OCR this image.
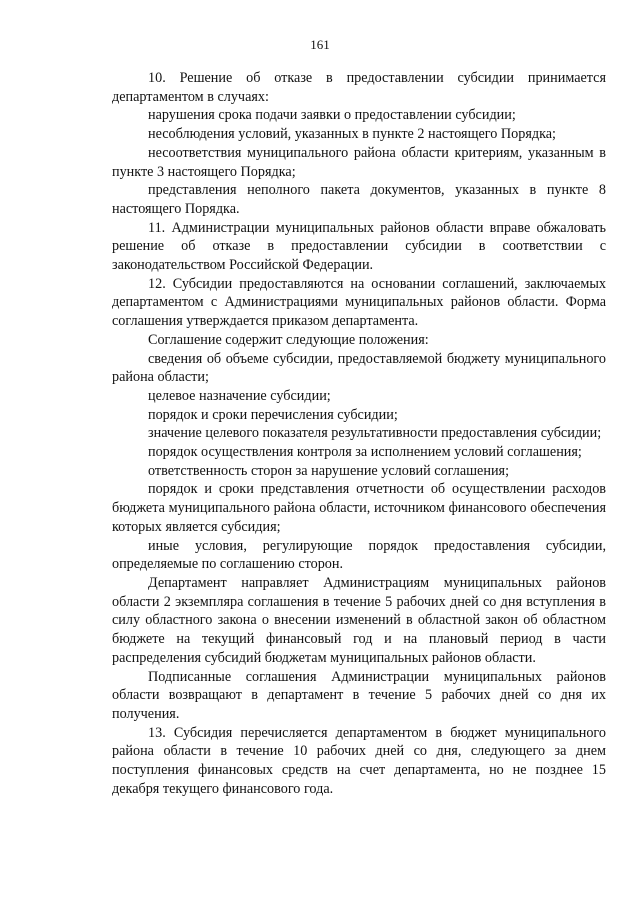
161

10. Решение об отказе в предоставлении субсидии принимается департаментом в случаях:

нарушения срока подачи заявки о предоставлении субсидии;

несоблюдения условий, указанных в пункте 2 настоящего Порядка;

несоответствия муниципального района области критериям, указанным в пункте 3 настоящего Порядка;

представления неполного пакета документов, указанных в пункте 8 настоящего Порядка.

11. Администрации муниципальных районов области вправе обжаловать решение об отказе в предоставлении субсидии в соответствии с законодательством Российской Федерации.

12. Субсидии предоставляются на основании соглашений, заключаемых департаментом с Администрациями муниципальных районов области. Форма соглашения утверждается приказом департамента.

Соглашение содержит следующие положения:

сведения об объеме субсидии, предоставляемой бюджету муниципального района области;

целевое назначение субсидии;

порядок и сроки перечисления субсидии;

значение целевого показателя результативности предоставления субсидии;

порядок осуществления контроля за исполнением условий соглашения;

ответственность сторон за нарушение условий соглашения;

порядок и сроки представления отчетности об осуществлении расходов бюджета муниципального района области, источником финансового обеспечения которых является субсидия;

иные условия, регулирующие порядок предоставления субсидии, определяемые по соглашению сторон.

Департамент направляет Администрациям муниципальных районов области 2 экземпляра соглашения в течение 5 рабочих дней со дня вступления в силу областного закона о внесении изменений в областной закон об областном бюджете на текущий финансовый год и на плановый период в части распределения субсидий бюджетам муниципальных районов области.

Подписанные соглашения Администрации муниципальных районов области возвращают в департамент в течение 5 рабочих дней со дня их получения.

13. Субсидия перечисляется департаментом в бюджет муниципального района области в течение 10 рабочих дней со дня, следующего за днем поступления финансовых средств на счет департамента, но не позднее 15 декабря текущего финансового года.
